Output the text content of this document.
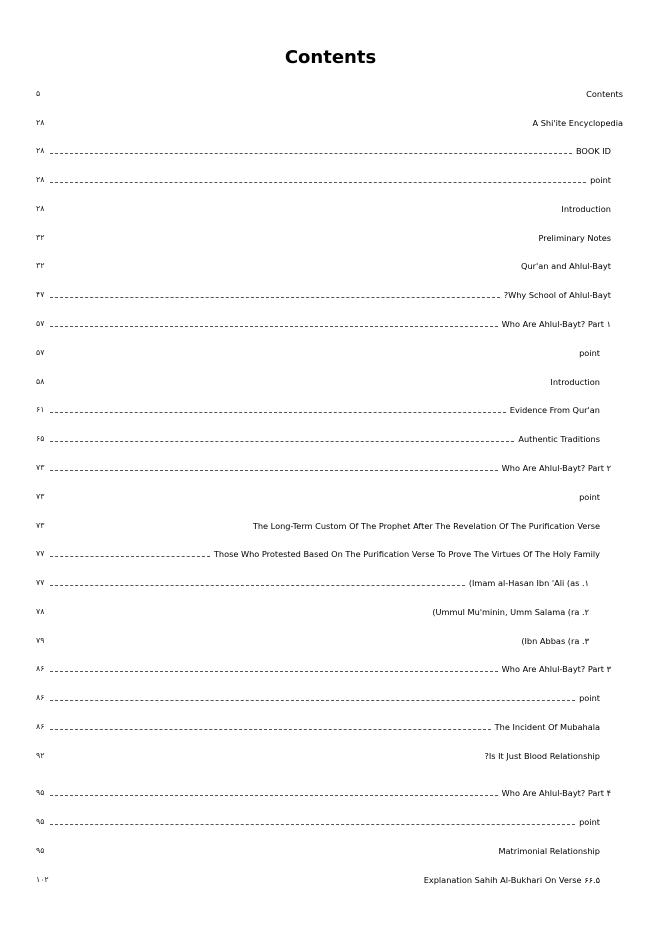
Contents
۵	Contents
۲۸	A Shi'ite Encyclopedia
۲۸	BOOK ID
۲۸	point
۲۸	Introduction
۳۲	Preliminary Notes
۳۲	Qur'an and Ahlul-Bayt
۴۷	?Why School of Ahlul-Bayt
۵۷	Who Are Ahlul-Bayt? Part ۱
۵۷	point
۵۸	Introduction
۶۱	Evidence From Qur'an
۶۵	Authentic Traditions
۷۳	Who Are Ahlul-Bayt? Part ۲
۷۳	point
۷۳	The Long-Term Custom Of The Prophet After The Revelation Of The Purification Verse
۷۷	Those Who Protested Based On The Purification Verse To Prove The Virtues Of The Holy Family
۷۷	(Imam al-Hasan Ibn 'Ali (as .۱
۷۸	(Ummul Mu'minin, Umm Salama (ra .۲
۷۹	(Ibn Abbas (ra .۳
۸۶	Who Are Ahlul-Bayt? Part ۳
۸۶	point
۸۶	The Incident Of Mubahala
۹۲	?Is It Just Blood Relationship
۹۵	Who Are Ahlul-Bayt? Part ۴
۹۵	point
۹۵	Matrimonial Relationship
۱۰۲	Explanation Sahih Al-Bukhari On Verse ۶۶.۵
